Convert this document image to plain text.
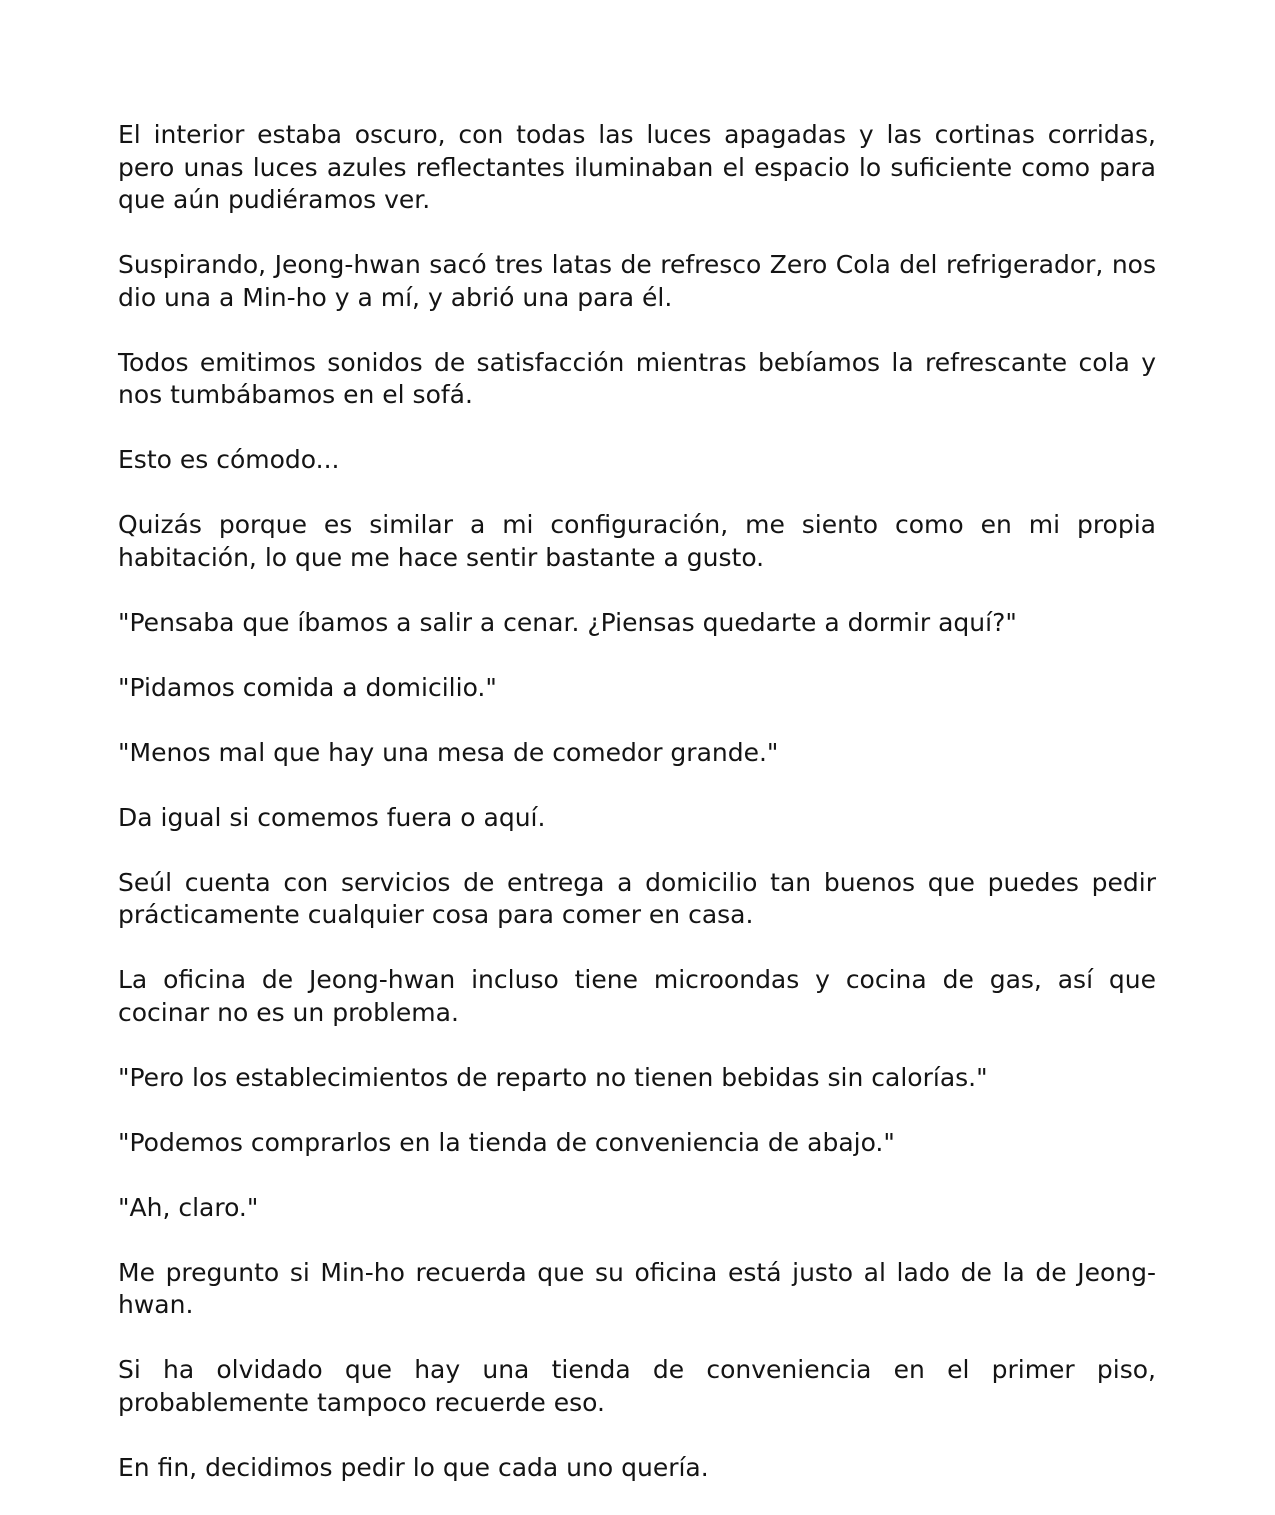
El interior estaba oscuro, con todas las luces apagadas y las cortinas corridas, pero unas luces azules reflectantes iluminaban el espacio lo suficiente como para que aún pudiéramos ver.

Suspirando, Jeong-hwan sacó tres latas de refresco Zero Cola del refrigerador, nos dio una a Min-ho y a mí, y abrió una para él.

Todos emitimos sonidos de satisfacción mientras bebíamos la refrescante cola y nos tumbábamos en el sofá.

Esto es cómodo...

Quizás porque es similar a mi configuración, me siento como en mi propia habitación, lo que me hace sentir bastante a gusto.

"Pensaba que íbamos a salir a cenar. ¿Piensas quedarte a dormir aquí?"

"Pidamos comida a domicilio."

"Menos mal que hay una mesa de comedor grande."

Da igual si comemos fuera o aquí.

Seúl cuenta con servicios de entrega a domicilio tan buenos que puedes pedir prácticamente cualquier cosa para comer en casa.

La oficina de Jeong-hwan incluso tiene microondas y cocina de gas, así que cocinar no es un problema.

"Pero los establecimientos de reparto no tienen bebidas sin calorías."

"Podemos comprarlos en la tienda de conveniencia de abajo."

"Ah, claro."

Me pregunto si Min-ho recuerda que su oficina está justo al lado de la de Jeong-hwan.

Si ha olvidado que hay una tienda de conveniencia en el primer piso, probablemente tampoco recuerde eso.

En fin, decidimos pedir lo que cada uno quería.
